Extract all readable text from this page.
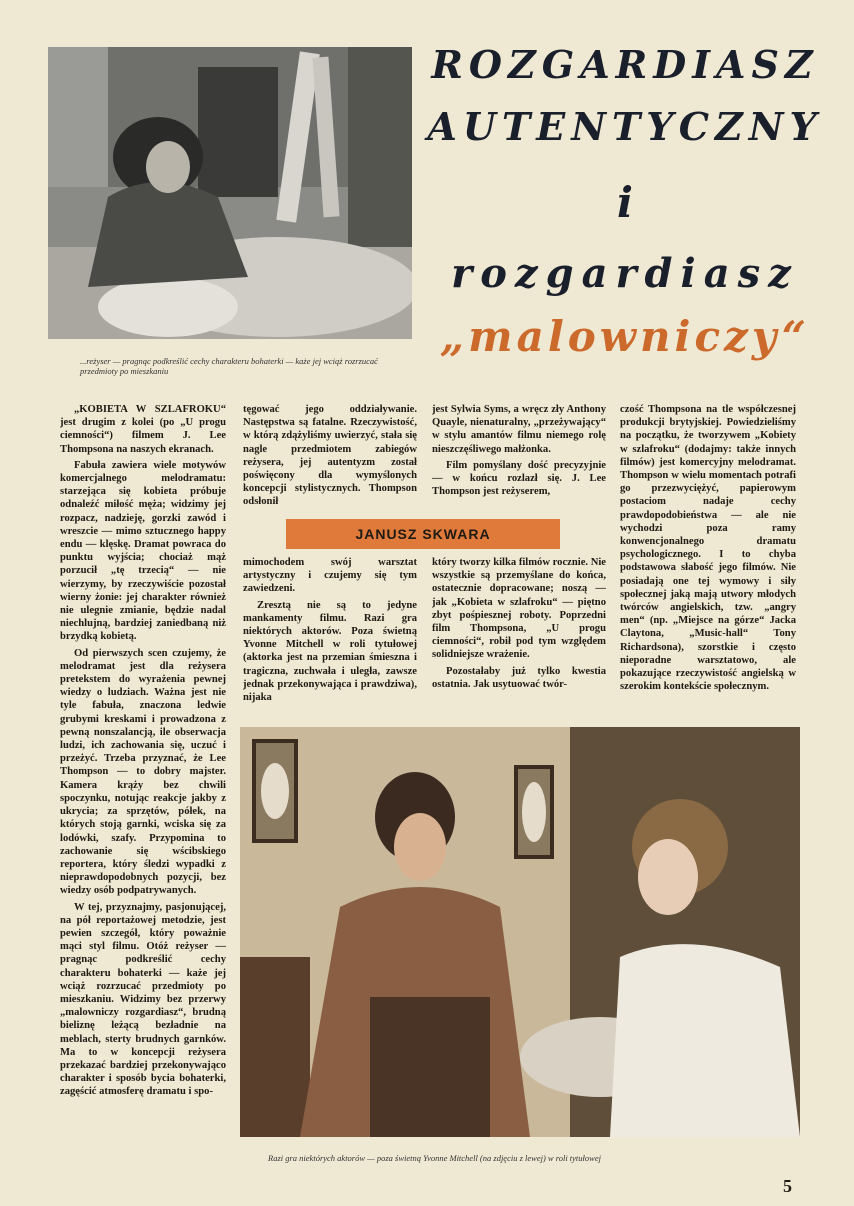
...reżyser — pragnąc podkreślić cechy charakteru bohaterki — każe jej wciąż rozrzucać przedmioty po mieszkaniu
ROZGARDIASZ
AUTENTYCZNY
i
rozgardiasz
„malowniczy“

„KOBIETA W SZLAFROKU“ jest drugim z kolei (po „U progu ciemności“) filmem J. Lee Thompsona na naszych ekranach.

Fabuła zawiera wiele motywów komercjalnego melodramatu: starzejąca się kobieta próbuje odnaleźć miłość męża; widzimy jej rozpacz, nadzieję, gorzki zawód i wreszcie — mimo sztucznego happy endu — klęskę. Dramat powraca do punktu wyjścia; chociaż mąż porzucił „tę trzecią“ — nie wierzymy, by rzeczywiście pozostał wierny żonie: jej charakter również nie ulegnie zmianie, będzie nadal niechlujną, bardziej zaniedbaną niż brzydką kobietą.

Od pierwszych scen czujemy, że melodramat jest dla reżysera pretekstem do wyrażenia pewnej wiedzy o ludziach. Ważna jest nie tyle fabuła, znaczona ledwie grubymi kreskami i prowadzona z pewną nonszalancją, ile obserwacja ludzi, ich zachowania się, uczuć i przeżyć. Trzeba przyznać, że Lee Thompson — to dobry majster. Kamera krąży bez chwili spoczynku, notując reakcje jakby z ukrycia; za sprzętów, półek, na których stoją garnki, wciska się za lodówki, szafy. Przypomina to zachowanie się wścibskiego reportera, który śledzi wypadki z nieprawdopodobnych pozycji, bez wiedzy osób podpatrywanych.

W tej, przyznajmy, pasjonującej, na pół reportażowej metodzie, jest pewien szczegół, który poważnie mąci styl filmu. Otóż reżyser — pragnąc podkreślić cechy charakteru bohaterki — każe jej wciąż rozrzucać przedmioty po mieszkaniu. Widzimy bez przerwy „malowniczy rozgardiasz“, brudną bieliznę leżącą bezładnie na meblach, sterty brudnych garnków. Ma to w koncepcji reżysera przekazać bardziej przekonywająco charakter i sposób bycia bohaterki, zagęścić atmosferę dramatu i spo-

tęgować jego oddziaływanie. Następstwa są fatalne. Rzeczywistość, w którą zdążyliśmy uwierzyć, stała się nagle przedmiotem zabiegów reżysera, jej autentyzm został poświęcony dla wymyślonych koncepcji stylistycznych. Thompson odsłonił

jest Sylwia Syms, a wręcz zły Anthony Quayle, nienaturalny, „przeżywający“ w stylu amantów filmu niemego rolę nieszczęśliwego małżonka.

Film pomyślany dość precyzyjnie — w końcu rozlazł się. J. Lee Thompson jest reżyserem,

JANUSZ SKWARA

mimochodem swój warsztat artystyczny i czujemy się tym zawiedzeni.

Zresztą nie są to jedyne mankamenty filmu. Razi gra niektórych aktorów. Poza świetną Yvonne Mitchell w roli tytułowej (aktorka jest na przemian śmieszna i tragiczna, zuchwała i uległa, zawsze jednak przekonywająca i prawdziwa), nijaka

który tworzy kilka filmów rocznie. Nie wszystkie są przemyślane do końca, ostatecznie dopracowane; noszą — jak „Kobieta w szlafroku“ — piętno zbyt pośpiesznej roboty. Poprzedni film Thompsona, „U progu ciemności“, robił pod tym względem solidniejsze wrażenie.

Pozostałaby już tylko kwestia ostatnia. Jak usytuować twór-

czość Thompsona na tle współczesnej produkcji brytyjskiej. Powiedzieliśmy na początku, że tworzywem „Kobiety w szlafroku“ (dodajmy: także innych filmów) jest komercyjny melodramat. Thompson w wielu momentach potrafi go przezwyciężyć, papierowym postaciom nadaje cechy prawdopodobieństwa — ale nie wychodzi poza ramy konwencjonalnego dramatu psychologicznego. I to chyba podstawowa słabość jego filmów. Nie posiadają one tej wymowy i siły społecznej jaką mają utwory młodych twórców angielskich, tzw. „angry men“ (np. „Miejsce na górze“ Jacka Claytona, „Music-hall“ Tony Richardsona), szorstkie i często nieporadne warsztatowo, ale pokazujące rzeczywistość angielską w szerokim kontekście społecznym.

Razi gra niektórych aktorów — poza świetną Yvonne Mitchell (na zdjęciu z lewej) w roli tytułowej
5
